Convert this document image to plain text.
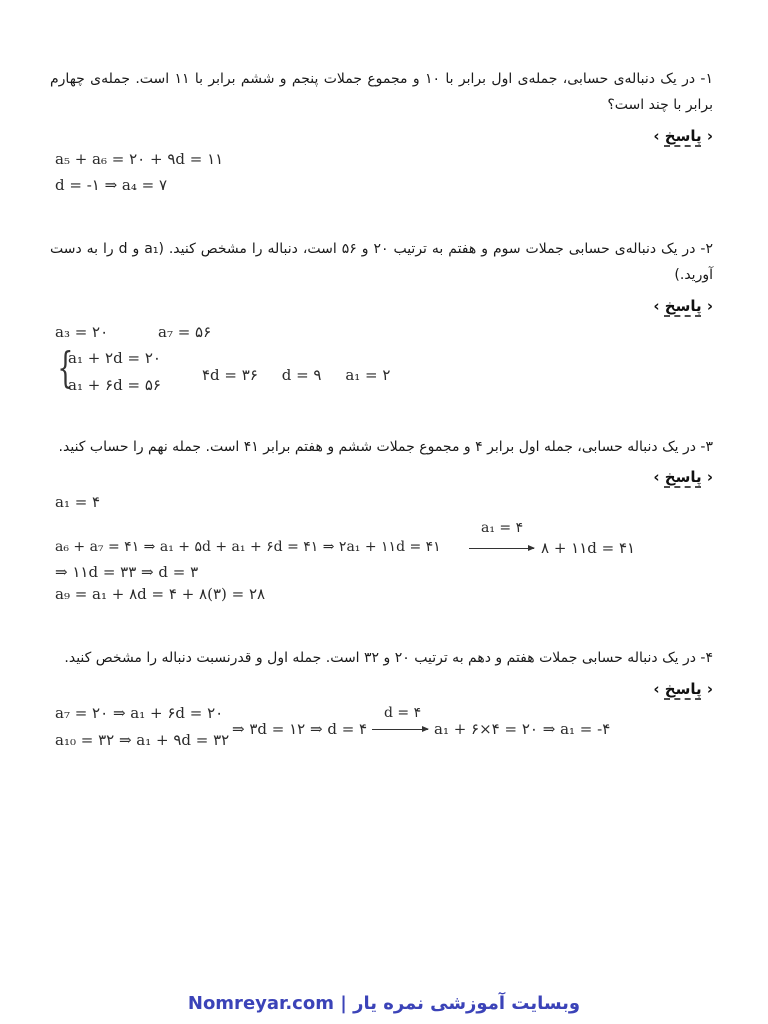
۱- در یک دنباله‌ی حسابی، جمله‌ی اول برابر با ۱۰ و مجموع جملات پنجم و ششم برابر با ۱۱ است. جمله‌ی چهارم برابر با چند است؟
‹ پاسخ ›
a₅ + a₆ = ۲۰ + ۹d = ۱۱
d = -۱ ⇒ a₄ = ۷
۲- در یک دنباله‌ی حسابی جملات سوم و هفتم به ترتیب ۲۰ و ۵۶ است، دنباله را مشخص کنید. (a₁ و d را به دست آورید.)
‹ پاسخ ›
a₃ = ۲۰	a₇ = ۵۶
{
a₁ + ۲d = ۲۰
a₁ + ۶d = ۵۶
۴d = ۳۶     d = ۹     a₁ = ۲
۳- در یک دنباله حسابی، جمله اول برابر ۴ و مجموع جملات ششم و هفتم برابر ۴۱ است. جمله نهم را حساب کنید.
‹ پاسخ ›
a₁ = ۴
a₆ + a₇ = ۴۱ ⇒ a₁ + ۵d + a₁ + ۶d = ۴۱ ⇒ ۲a₁ + ۱۱d = ۴۱
a₁ = ۴
۸ + ۱۱d = ۴۱
⇒ ۱۱d = ۳۳ ⇒ d = ۳
a₉ = a₁ + ۸d = ۴ + ۸(۳) = ۲۸
۴- در یک دنباله حسابی جملات هفتم و دهم به ترتیب ۲۰ و ۳۲ است. جمله اول و قدرنسبت دنباله را مشخص کنید.
‹ پاسخ ›
a₇ = ۲۰ ⇒ a₁ + ۶d = ۲۰
a₁₀ = ۳۲ ⇒ a₁ + ۹d = ۳۲
⇒ ۳d = ۱۲ ⇒ d = ۴
d = ۴
a₁ + ۶×۴ = ۲۰ ⇒ a₁ = -۴
Nomreyar.com | وبسایت آموزشی نمره یار
